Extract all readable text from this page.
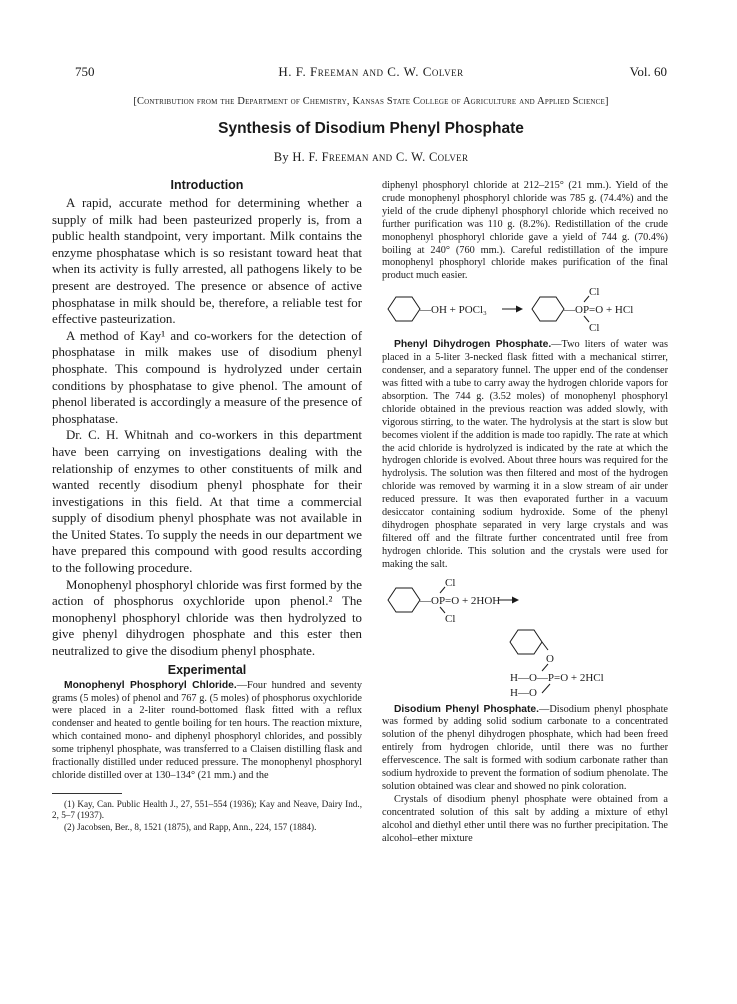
750	H. F. Freeman and C. W. Colver	Vol. 60
[Contribution from the Department of Chemistry, Kansas State College of Agriculture and Applied Science]
Synthesis of Disodium Phenyl Phosphate
By H. F. Freeman and C. W. Colver
Introduction

A rapid, accurate method for determining whether a supply of milk had been pasteurized properly is, from a public health standpoint, very important. Milk contains the enzyme phosphatase which is so resistant toward heat that when its activity is fully arrested, all pathogens likely to be present are destroyed. The presence or absence of active phosphatase in milk should be, therefore, a reliable test for effective pasteurization.

A method of Kay¹ and co-workers for the detection of phosphatase in milk makes use of disodium phenyl phosphate. This compound is hydrolyzed under certain conditions by phosphatase to give phenol. The amount of phenol liberated is accordingly a measure of the presence of phosphatase.

Dr. C. H. Whitnah and co-workers in this department have been carrying on investigations dealing with the relationship of enzymes to other constituents of milk and wanted recently disodium phenyl phosphate for their investigations in this field. At that time a commercial supply of disodium phenyl phosphate was not available in the United States. To supply the needs in our department we have prepared this compound with good results according to the following procedure.

Monophenyl phosphoryl chloride was first formed by the action of phosphorus oxychloride upon phenol.² The monophenyl phosphoryl chloride was then hydrolyzed to give phenyl dihydrogen phosphate and this ester then neutralized to give the disodium phenyl phosphate.

Experimental

Monophenyl Phosphoryl Chloride.—Four hundred and seventy grams (5 moles) of phenol and 767 g. (5 moles) of phosphorus oxychloride were placed in a 2-liter round-bottomed flask fitted with a reflux condenser and heated to gentle boiling for ten hours. The reaction mixture, which contained mono- and diphenyl phosphoryl chlorides, and possibly some triphenyl phosphate, was transferred to a Claisen distilling flask and fractionally distilled under reduced pressure. The monophenyl phosphoryl chloride distilled over at 130–134° (21 mm.) and the

(1) Kay, Can. Public Health J., 27, 551–554 (1936); Kay and Neave, Dairy Ind., 2, 5–7 (1937).

(2) Jacobsen, Ber., 8, 1521 (1875), and Rapp, Ann., 224, 157 (1884).

diphenyl phosphoryl chloride at 212–215° (21 mm.). Yield of the crude monophenyl phosphoryl chloride was 785 g. (74.4%) and the yield of the crude diphenyl phosphoryl chloride which received no further purification was 110 g. (8.2%). Redistillation of the crude monophenyl phosphoryl chloride gave a yield of 744 g. (70.4%) boiling at 240° (760 mm.). Careful redistillation of the impure monophenyl phosphoryl chloride makes purification of the final product much easier.

—OH + POCl₃	—OP=O + HCl
Cl
Cl

Phenyl Dihydrogen Phosphate.—Two liters of water was placed in a 5-liter 3-necked flask fitted with a mechanical stirrer, condenser, and a separatory funnel. The upper end of the condenser was fitted with a tube to carry away the hydrogen chloride vapors for absorption. The 744 g. (3.52 moles) of monophenyl phosphoryl chloride obtained in the previous reaction was added slowly, with vigorous stirring, to the water. The hydrolysis at the start is slow but becomes violent if the addition is made too rapidly. The rate at which the acid chloride is hydrolyzed is indicated by the rate at which the hydrogen chloride is evolved. About three hours was required for the hydrolysis. The solution was then filtered and most of the hydrogen chloride was removed by warming it in a slow stream of air under reduced pressure. It was then evaporated further in a vacuum desiccator containing sodium hydroxide. Some of the phenyl dihydrogen phosphate separated in very large crystals and was filtered off and the filtrate further concentrated until free from hydrogen chloride. This solution and the crystals were used for making the salt.

—OP=O + 2HOH
Cl
Cl
O
H—O—P=O + 2HCl
H—O

Disodium Phenyl Phosphate.—Disodium phenyl phosphate was formed by adding solid sodium carbonate to a concentrated solution of the phenyl dihydrogen phosphate, which had been freed entirely from hydrogen chloride, until there was no further effervescence. The salt is formed with sodium carbonate rather than sodium hydroxide to prevent the formation of sodium phenolate. The solution obtained was clear and showed no pink coloration.

Crystals of disodium phenyl phosphate were obtained from a concentrated solution of this salt by adding a mixture of ethyl alcohol and diethyl ether until there was no further precipitation. The alcohol–ether mixture
